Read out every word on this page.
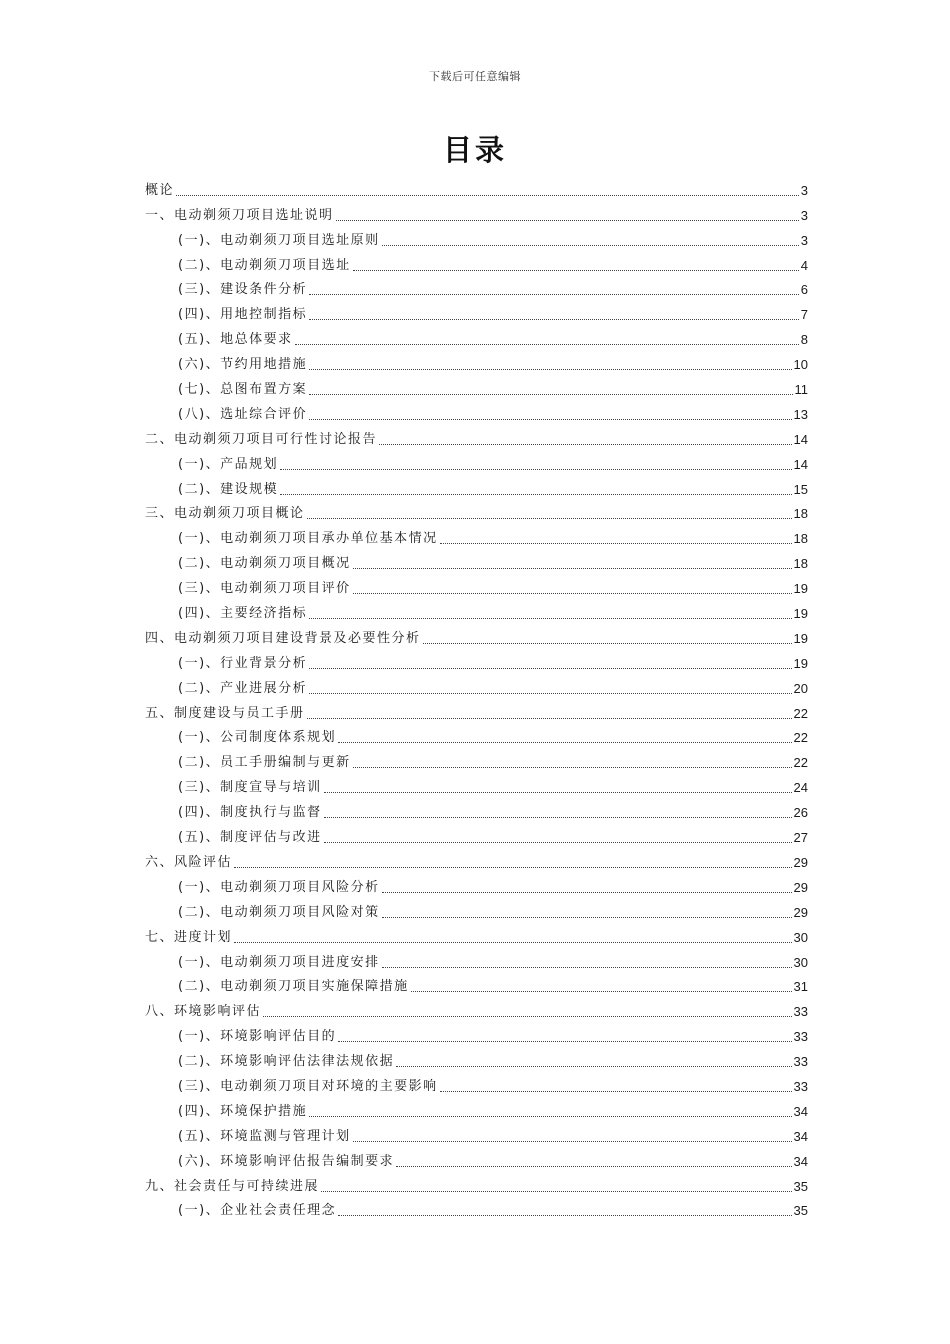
下载后可任意编辑
目录
概论	3
一、电动剃须刀项目选址说明	3
(一)、电动剃须刀项目选址原则	3
(二)、电动剃须刀项目选址	4
(三)、建设条件分析	6
(四)、用地控制指标	7
(五)、地总体要求	8
(六)、节约用地措施	10
(七)、总图布置方案	11
(八)、选址综合评价	13
二、电动剃须刀项目可行性讨论报告	14
(一)、产品规划	14
(二)、建设规模	15
三、电动剃须刀项目概论	18
(一)、电动剃须刀项目承办单位基本情况	18
(二)、电动剃须刀项目概况	18
(三)、电动剃须刀项目评价	19
(四)、主要经济指标	19
四、电动剃须刀项目建设背景及必要性分析	19
(一)、行业背景分析	19
(二)、产业进展分析	20
五、制度建设与员工手册	22
(一)、公司制度体系规划	22
(二)、员工手册编制与更新	22
(三)、制度宣导与培训	24
(四)、制度执行与监督	26
(五)、制度评估与改进	27
六、风险评估	29
(一)、电动剃须刀项目风险分析	29
(二)、电动剃须刀项目风险对策	29
七、进度计划	30
(一)、电动剃须刀项目进度安排	30
(二)、电动剃须刀项目实施保障措施	31
八、环境影响评估	33
(一)、环境影响评估目的	33
(二)、环境影响评估法律法规依据	33
(三)、电动剃须刀项目对环境的主要影响	33
(四)、环境保护措施	34
(五)、环境监测与管理计划	34
(六)、环境影响评估报告编制要求	34
九、社会责任与可持续进展	35
(一)、企业社会责任理念	35
